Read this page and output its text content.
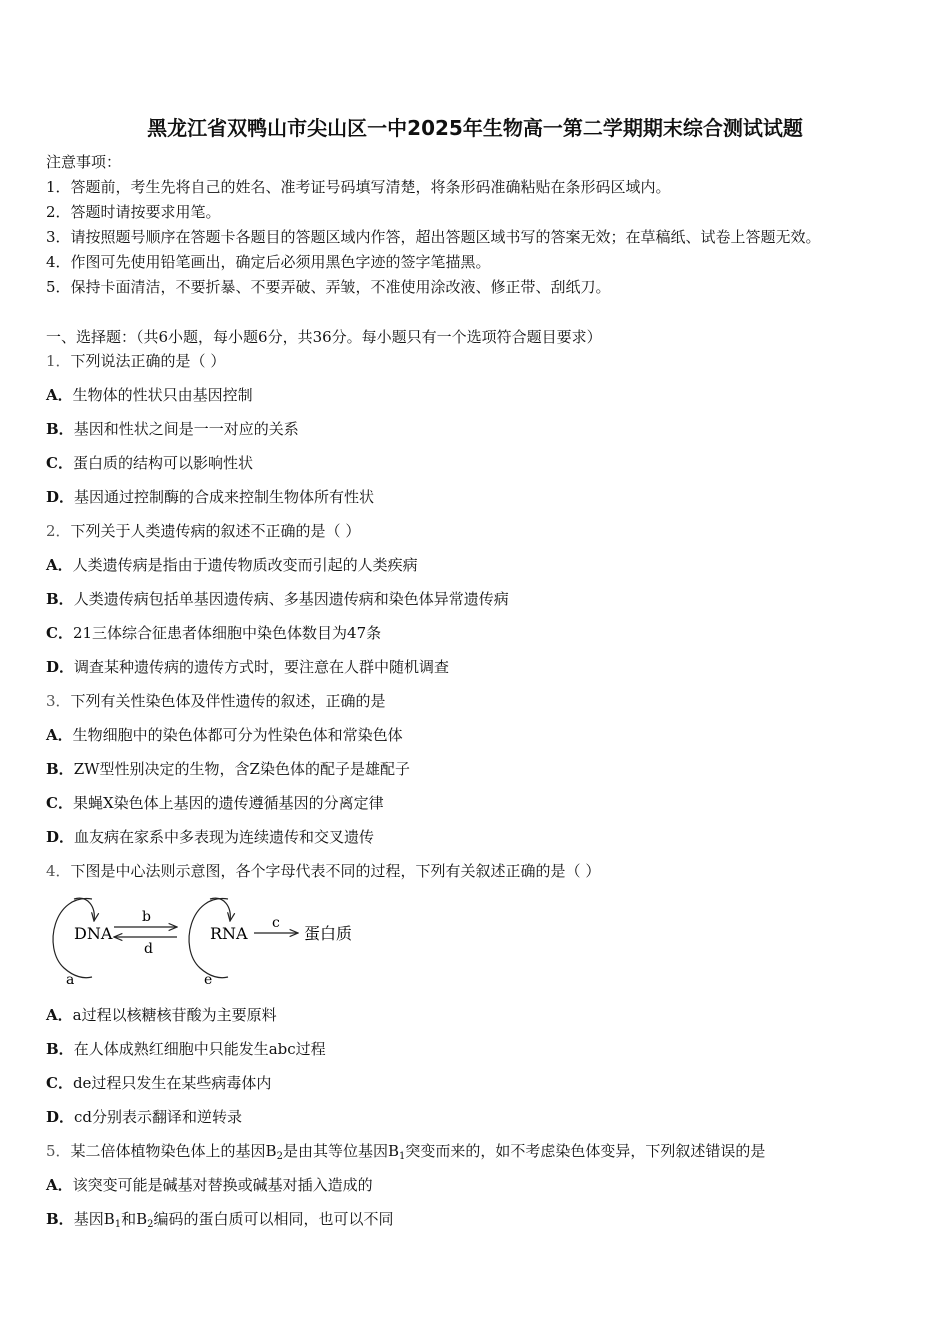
黑龙江省双鸭山市尖山区一中2025年生物高一第二学期期末综合测试试题
注意事项：
1．答题前，考生先将自己的姓名、准考证号码填写清楚，将条形码准确粘贴在条形码区域内。
2．答题时请按要求用笔。
3．请按照题号顺序在答题卡各题目的答题区域内作答，超出答题区域书写的答案无效；在草稿纸、试卷上答题无效。
4．作图可先使用铅笔画出，确定后必须用黑色字迹的签字笔描黑。
5．保持卡面清洁，不要折暴、不要弄破、弄皱，不准使用涂改液、修正带、刮纸刀。
一、选择题：（共6小题，每小题6分，共36分。每小题只有一个选项符合题目要求）
1．下列说法正确的是（ ）
A．生物体的性状只由基因控制
B．基因和性状之间是一一对应的关系
C．蛋白质的结构可以影响性状
D．基因通过控制酶的合成来控制生物体所有性状
2．下列关于人类遗传病的叙述不正确的是（ ）
A．人类遗传病是指由于遗传物质改变而引起的人类疾病
B．人类遗传病包括单基因遗传病、多基因遗传病和染色体异常遗传病
C．21三体综合征患者体细胞中染色体数目为47条
D．调查某种遗传病的遗传方式时，要注意在人群中随机调查
3．下列有关性染色体及伴性遗传的叙述，正确的是
A．生物细胞中的染色体都可分为性染色体和常染色体
B．ZW型性别决定的生物，含Z染色体的配子是雄配子
C．果蝇X染色体上基因的遗传遵循基因的分离定律
D．血友病在家系中多表现为连续遗传和交叉遗传
4．下图是中心法则示意图，各个字母代表不同的过程，下列有关叙述正确的是（ ）
DNA
a
b
d
RNA
e
c
蛋白质
A．a过程以核糖核苷酸为主要原料
B．在人体成熟红细胞中只能发生abc过程
C．de过程只发生在某些病毒体内
D．cd分别表示翻译和逆转录
5．某二倍体植物染色体上的基因$B_2$是由其等位基因$B_1$突变而来的，如不考虑染色体变异，下列叙述错误的是
A．该突变可能是碱基对替换或碱基对插入造成的
B．基因$B_1$和$B_2$编码的蛋白质可以相同，也可以不同
